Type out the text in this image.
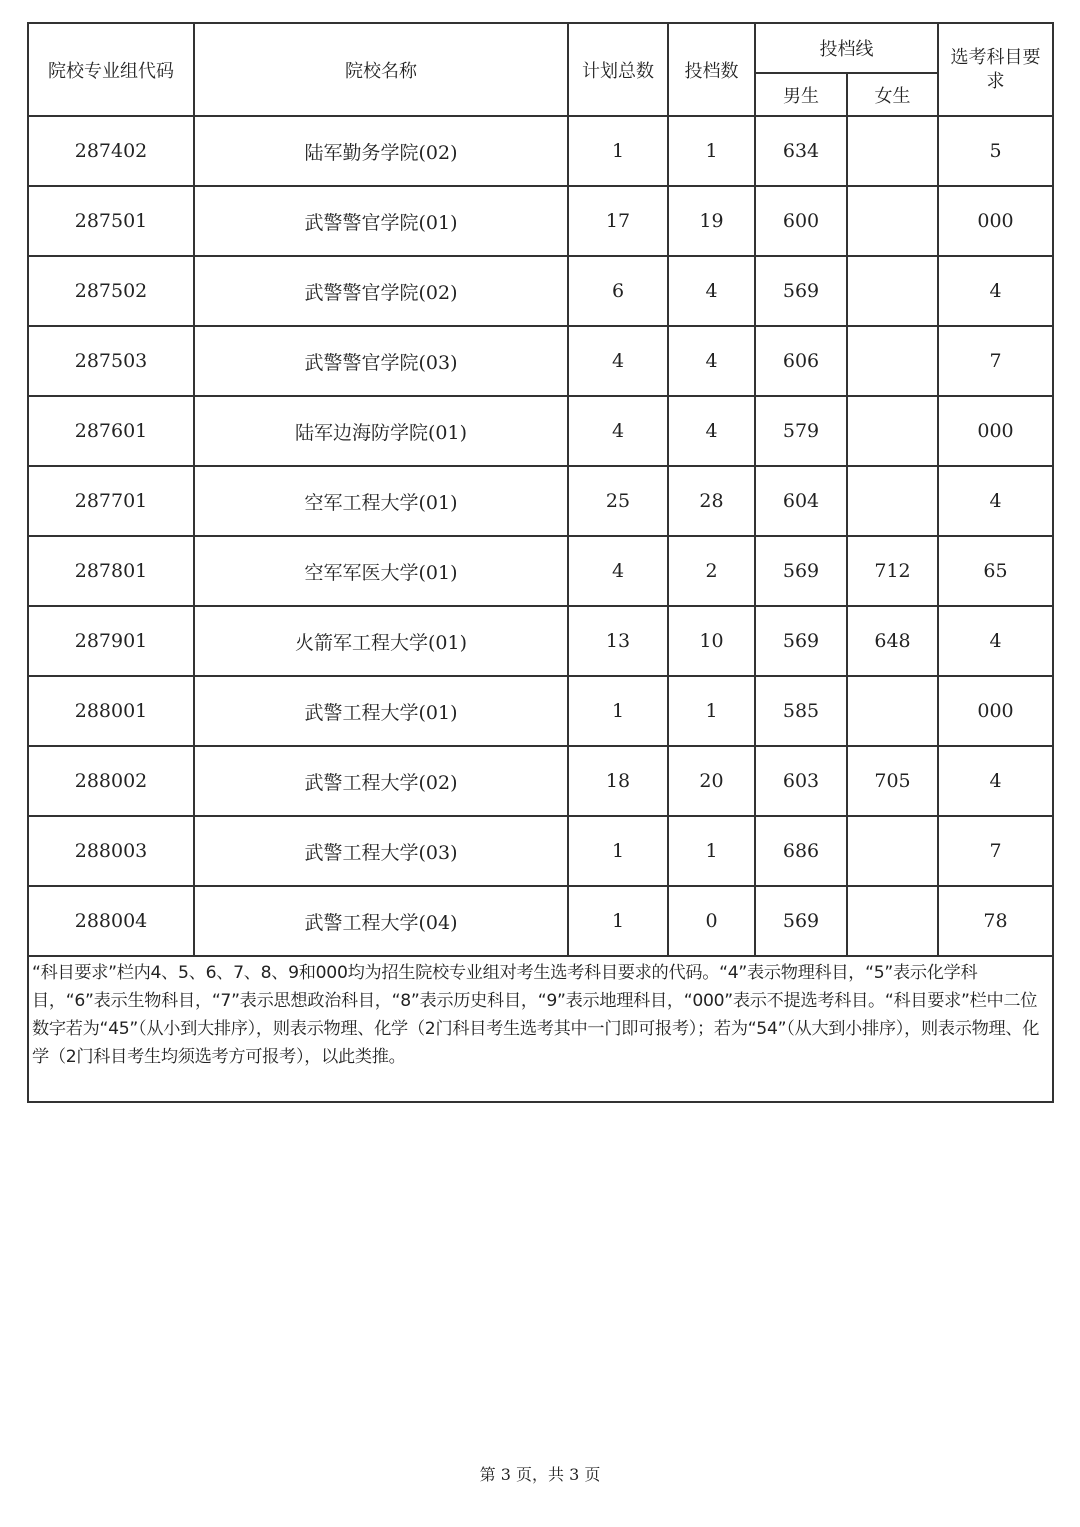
院校专业组代码	院校名称	计划总数	投档数	投档线		选考科目要求
				男生	女生	
287402	陆军勤务学院(02)	1	1	634		5
287501	武警警官学院(01)	17	19	600		000
287502	武警警官学院(02)	6	4	569		4
287503	武警警官学院(03)	4	4	606		7
287601	陆军边海防学院(01)	4	4	579		000
287701	空军工程大学(01)	25	28	604		4
287801	空军军医大学(01)	4	2	569	712	65
287901	火箭军工程大学(01)	13	10	569	648	4
288001	武警工程大学(01)	1	1	585		000
288002	武警工程大学(02)	18	20	603	705	4
288003	武警工程大学(03)	1	1	686		7
288004	武警工程大学(04)	1	0	569		78
“科目要求”栏内4、5、6、7、8、9和000均为招生院校专业组对考生选考科目要求的代码。“4”表示物理科目，“5”表示化学科目，“6”表示生物科目，“7”表示思想政治科目，“8”表示历史科目，“9”表示地理科目，“000”表示不提选考科目。“科目要求”栏中二位数字若为“45”（从小到大排序），则表示物理、化学（2门科目考生选考其中一门即可报考）；若为“54”（从大到小排序），则表示物理、化学（2门科目考生均须选考方可报考），以此类推。						
第 3 页，共 3 页
